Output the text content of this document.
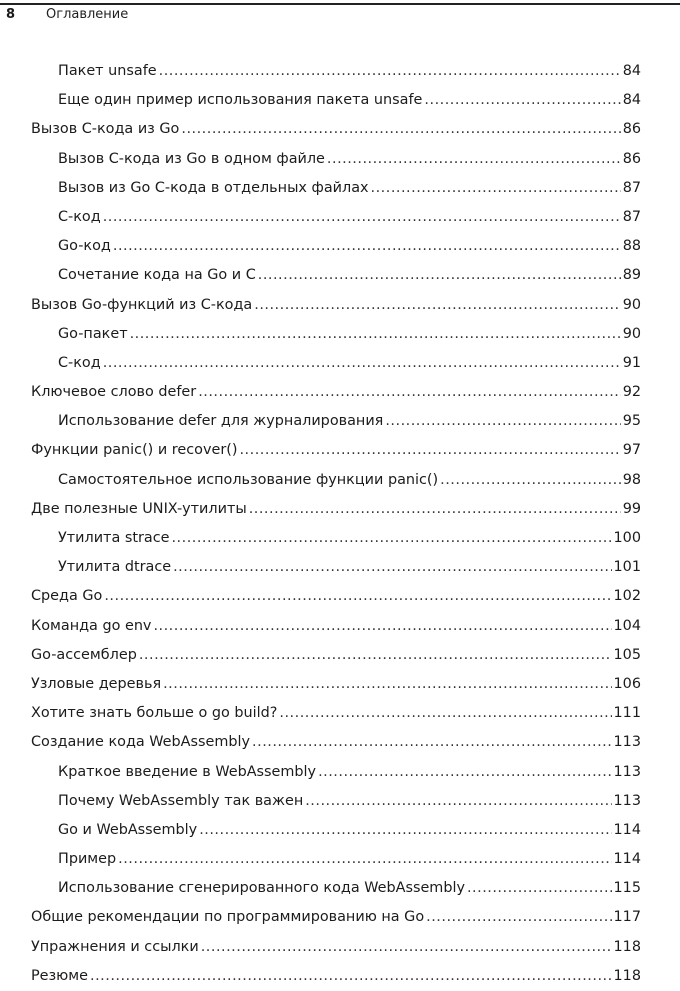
8	Оглавление
Пакет unsafe .....	84
Еще один пример использования пакета unsafe .....	84
Вызов С-кода из Go .....	86
Вызов С-кода из Go в одном файле .....	86
Вызов из Go С-кода в отдельных файлах .....	87
С-код .....	87
Go-код .....	88
Сочетание кода на Go и С .....	89
Вызов Go-функций из С-кода .....	90
Go-пакет .....	90
С-код .....	91
Ключевое слово defer .....	92
Использование defer для журналирования .....	95
Функции panic() и recover() .....	97
Самостоятельное использование функции panic() .....	98
Две полезные UNIX-утилиты .....	99
Утилита strace .....	100
Утилита dtrace .....	101
Среда Go .....	102
Команда go env .....	104
Go-ассемблер .....	105
Узловые деревья .....	106
Хотите знать больше о go build? .....	111
Создание кода WebAssembly .....	113
Краткое введение в WebAssembly .....	113
Почему WebAssembly так важен .....	113
Go и WebAssembly .....	114
Пример .....	114
Использование сгенерированного кода WebAssembly .....	115
Общие рекомендации по программированию на Go .....	117
Упражнения и ссылки .....	118
Резюме .....	118
